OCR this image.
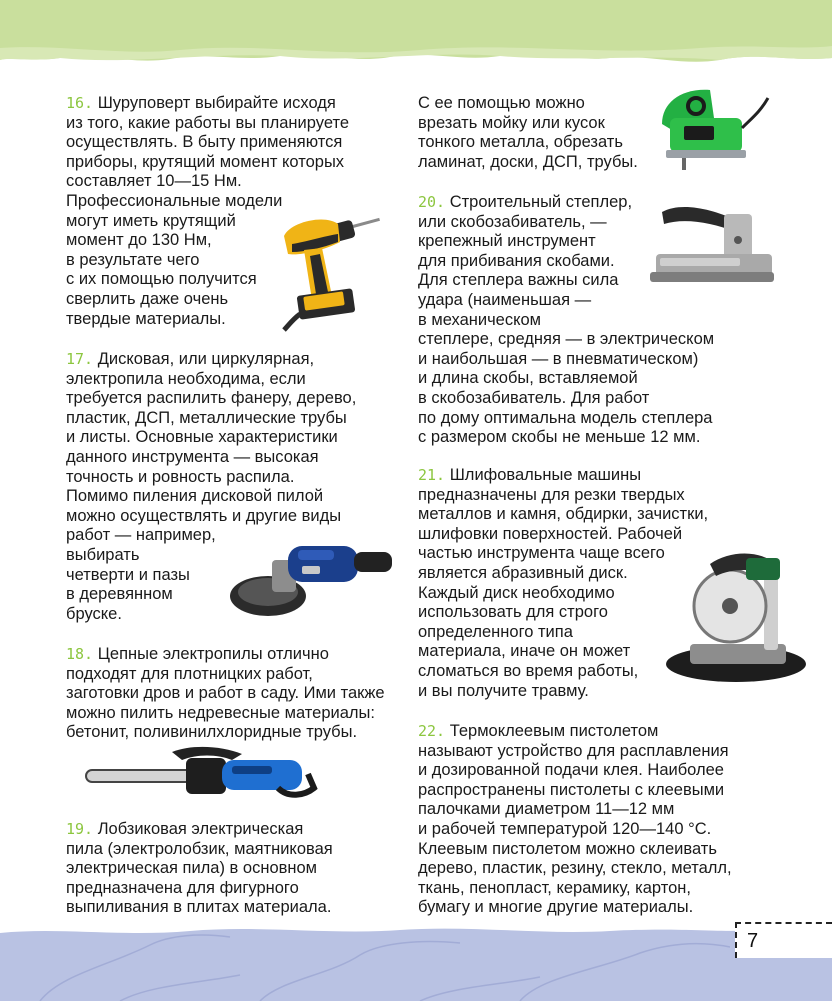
7
16. Шуруповерт выбирайте исходя
из того, какие работы вы планируете
осуществлять. В быту применяются
приборы, крутящий момент которых
составляет 10—15 Нм.
Профессиональные модели
могут иметь крутящий
момент до 130 Нм,
в результате чего
с их помощью получится
сверлить даже очень
твердые материалы.
17. Дисковая, или циркулярная,
электропила необходима, если
требуется распилить фанеру, дерево,
пластик, ДСП, металлические трубы
и листы. Основные характеристики
данного инструмента — высокая
точность и ровность распила.
Помимо пиления дисковой пилой
можно осуществлять и другие виды
работ — например,
выбирать
четверти и пазы
в деревянном
бруске.
18. Цепные электропилы отлично
подходят для плотницких работ,
заготовки дров и работ в саду. Ими также
можно пилить недревесные материалы:
бетонит, поливинилхлоридные трубы.
19. Лобзиковая электрическая
пила (электролобзик, маятниковая
электрическая пила) в основном
предназначена для фигурного
выпиливания в плитах материала.
С ее помощью можно
врезать мойку или кусок
тонкого металла, обрезать
ламинат, доски, ДСП, трубы.
20. Строительный степлер,
или скобозабиватель, —
крепежный инструмент
для прибивания скобами.
Для степлера важны сила
удара (наименьшая —
в механическом
степлере, средняя — в электрическом
и наибольшая — в пневматическом)
и длина скобы, вставляемой
в скобозабиватель. Для работ
по дому оптимальна модель степлера
с размером скобы не меньше 12 мм.
21. Шлифовальные машины
предназначены для резки твердых
металлов и камня, обдирки, зачистки,
шлифовки поверхностей. Рабочей
частью инструмента чаще всего
является абразивный диск.
Каждый диск необходимо
использовать для строго
определенного типа
материала, иначе он может
сломаться во время работы,
и вы получите травму.
22. Термоклеевым пистолетом
называют устройство для расплавления
и дозированной подачи клея. Наиболее
распространены пистолеты с клеевыми
палочками диаметром 11—12 мм
и рабочей температурой 120—140 °С.
Клеевым пистолетом можно склеивать
дерево, пластик, резину, стекло, металл,
ткань, пенопласт, керамику, картон,
бумагу и многие другие материалы.
